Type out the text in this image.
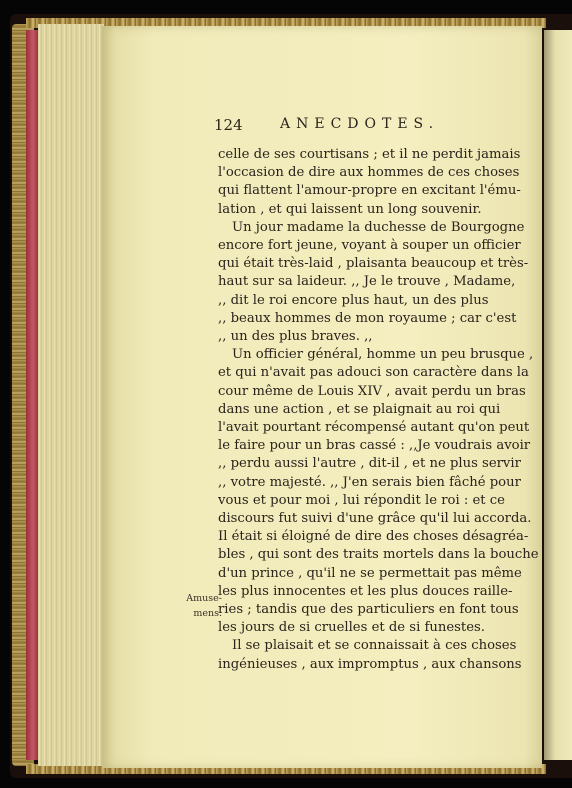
124	ANECDOTES.
celle de ses courtisans ; et il ne perdit jamais
l'occasion de dire aux hommes de ces choses
qui flattent l'amour-propre en excitant l'ému-
lation , et qui laissent un long souvenir.
Un jour madame la duchesse de Bourgogne
encore fort jeune, voyant à souper un officier
qui était très-laid , plaisanta beaucoup et très-
haut sur sa laideur. ,, Je le trouve , Madame,
,, dit le roi encore plus haut, un des plus
,, beaux hommes de mon royaume ; car c'est
,, un des plus braves. ,,
Un officier général, homme un peu brusque ,
et qui n'avait pas adouci son caractère dans la
cour même de Louis XIV , avait perdu un bras
dans une action , et se plaignait au roi qui
l'avait pourtant récompensé autant qu'on peut
le faire pour un bras cassé : ,,Je voudrais avoir
,, perdu aussi l'autre , dit-il , et ne plus servir
,, votre majesté. ,, J'en serais bien fâché pour
vous et pour moi , lui répondit le roi : et ce
discours fut suivi d'une grâce qu'il lui accorda.
Il était si éloigné de dire des choses désagréa-
bles , qui sont des traits mortels dans la bouche
d'un prince , qu'il ne se permettait pas même
les plus innocentes et les plus douces raille-
ries ; tandis que des particuliers en font tous
les jours de si cruelles et de si funestes.
Il se plaisait et se connaissait à ces choses
ingénieuses , aux impromptus , aux chansons
Amuse-
mens.
